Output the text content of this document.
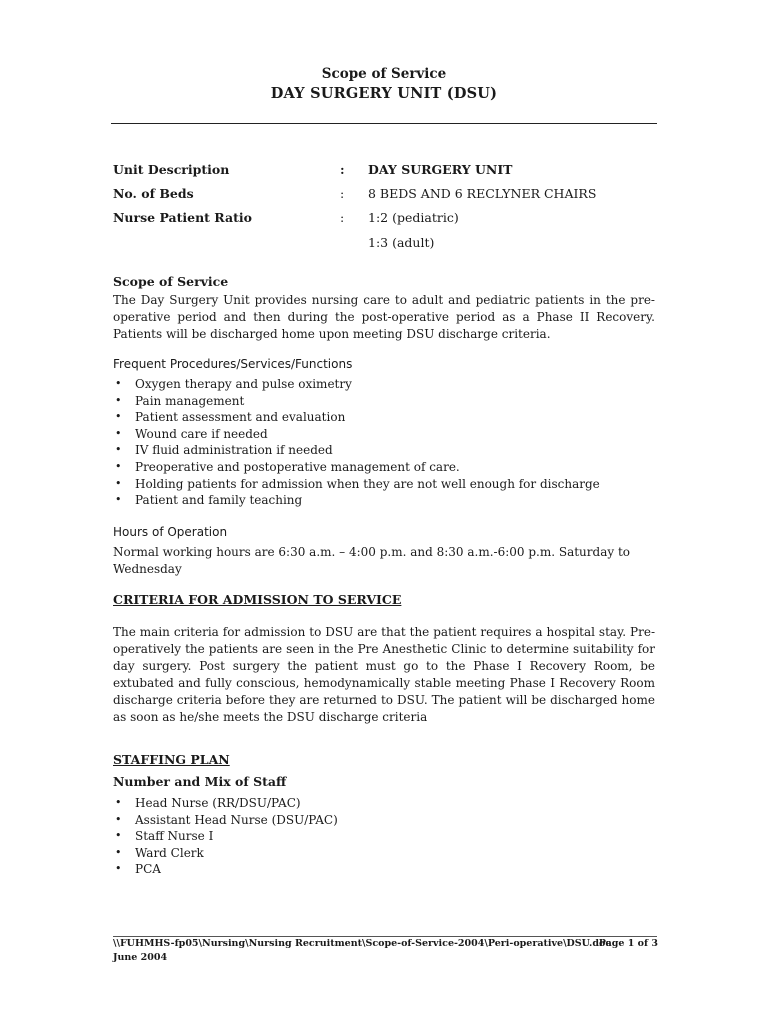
Scope of Service
DAY SURGERY UNIT (DSU)
Unit Description	: DAY SURGERY UNIT
No. of Beds	: 8 BEDS AND 6 RECLYNER CHAIRS
Nurse Patient Ratio	: 1:2 (pediatric)
1:3 (adult)
Scope of Service
The Day Surgery Unit provides nursing care to adult and pediatric patients in the pre-operative period and then during the post-operative period as a Phase II Recovery. Patients will be discharged home upon meeting DSU discharge criteria.
Frequent Procedures/Services/Functions
• Oxygen therapy and pulse oximetry
• Pain management
• Patient assessment and evaluation
• Wound care if needed
• IV fluid administration if needed
• Preoperative and postoperative management of care.
• Holding patients for admission when they are not well enough for discharge
• Patient and family teaching
Hours of Operation
Normal working hours are 6:30 a.m. – 4:00 p.m. and 8:30 a.m.-6:00 p.m. Saturday to Wednesday
CRITERIA FOR ADMISSION TO SERVICE
The main criteria for admission to DSU are that the patient requires a hospital stay. Pre-operatively the patients are seen in the Pre Anesthetic Clinic to determine suitability for day surgery. Post surgery the patient must go to the Phase I Recovery Room, be extubated and fully conscious, hemodynamically stable meeting Phase I Recovery Room discharge criteria before they are returned to DSU. The patient will be discharged home as soon as he/she meets the DSU discharge criteria
STAFFING PLAN
Number and Mix of Staff
• Head Nurse (RR/DSU/PAC)
• Assistant Head Nurse (DSU/PAC)
• Staff Nurse I
• Ward Clerk
• PCA
\\FUHMHS-fp05\Nursing\Nursing Recruitment\Scope-of-Service-2004\Peri-operative\DSU.doc
Page 1 of 3
June 2004
